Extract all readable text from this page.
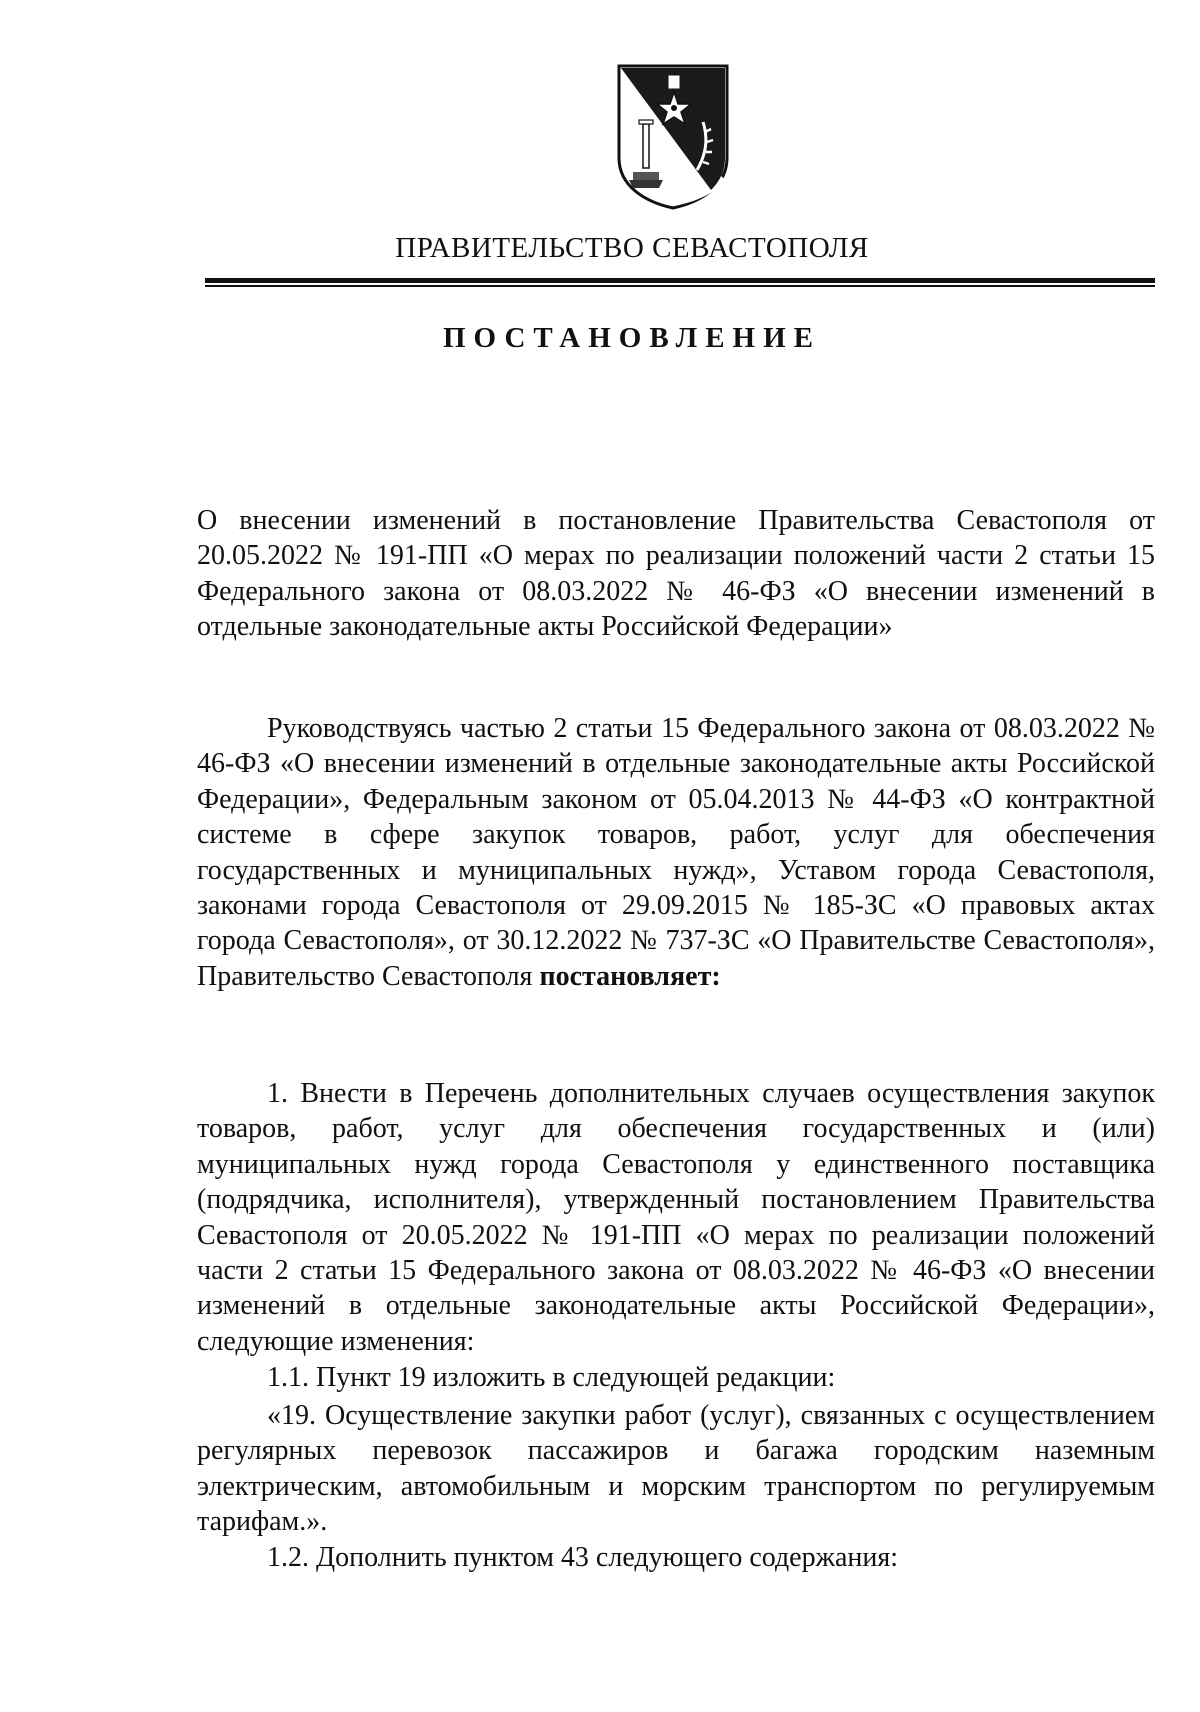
ПРАВИТЕЛЬСТВО СЕВАСТОПОЛЯ
ПОСТАНОВЛЕНИЕ

О внесении изменений в постановление Правительства Севастополя от 20.05.2022 № 191-ПП «О мерах по реализации положений части 2 статьи 15 Федерального закона от 08.03.2022 № 46-ФЗ «О внесении изменений в отдельные законодательные акты Российской Федерации»

Руководствуясь частью 2 статьи 15 Федерального закона от 08.03.2022 № 46-ФЗ «О внесении изменений в отдельные законодательные акты Российской Федерации», Федеральным законом от 05.04.2013 № 44-ФЗ «О контрактной системе в сфере закупок товаров, работ, услуг для обеспечения государственных и муниципальных нужд», Уставом города Севастополя, законами города Севастополя от 29.09.2015 № 185-ЗС «О правовых актах города Севастополя», от 30.12.2022 № 737-ЗС «О Правительстве Севастополя», Правительство Севастополя постановляет:

1. Внести в Перечень дополнительных случаев осуществления закупок товаров, работ, услуг для обеспечения государственных и (или) муниципальных нужд города Севастополя у единственного поставщика (подрядчика, исполнителя), утвержденный постановлением Правительства Севастополя от 20.05.2022 № 191-ПП «О мерах по реализации положений части 2 статьи 15 Федерального закона от 08.03.2022 № 46-ФЗ «О внесении изменений в отдельные законодательные акты Российской Федерации», следующие изменения:

1.1. Пункт 19 изложить в следующей редакции:

«19. Осуществление закупки работ (услуг), связанных с осуществлением регулярных перевозок пассажиров и багажа городским наземным электрическим, автомобильным и морским транспортом по регулируемым тарифам.».

1.2. Дополнить пунктом 43 следующего содержания:
